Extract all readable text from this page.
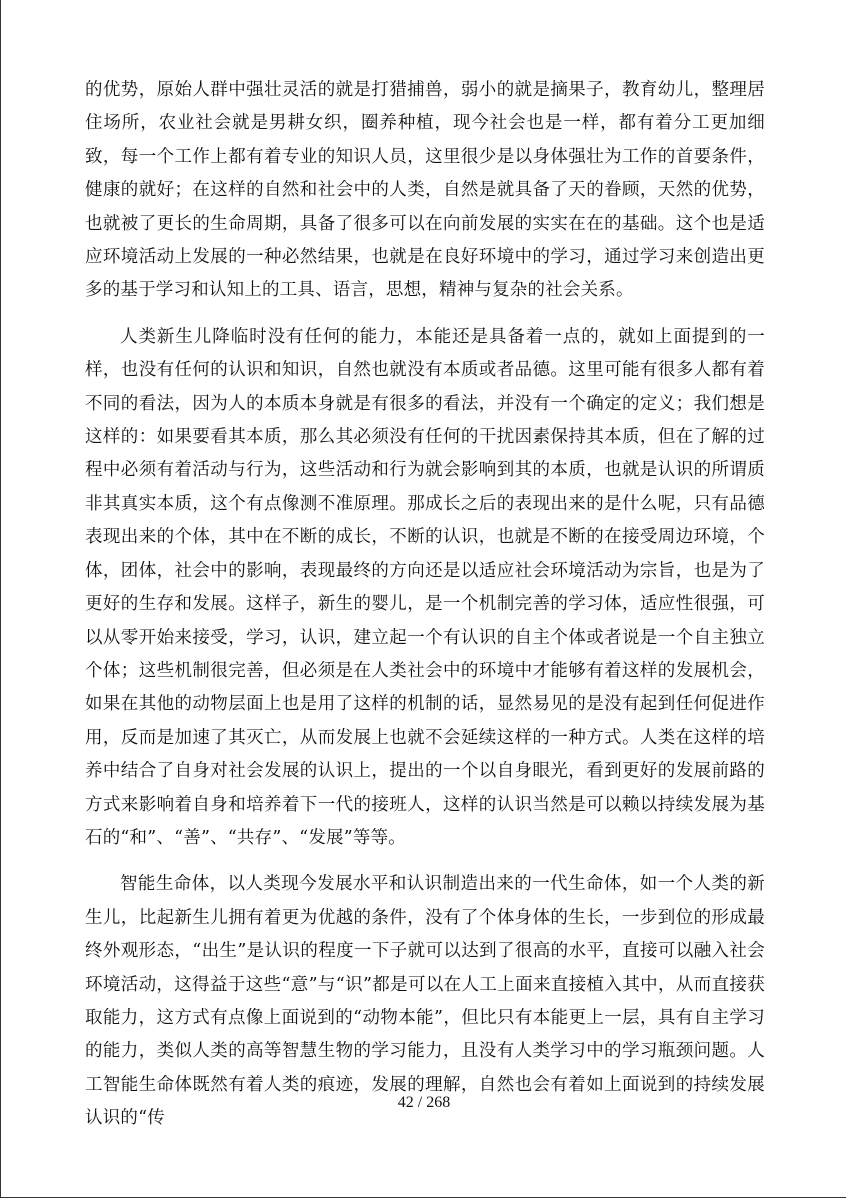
的优势，原始人群中强壮灵活的就是打猎捕兽，弱小的就是摘果子，教育幼儿，整理居住场所，农业社会就是男耕女织，圈养种植，现今社会也是一样，都有着分工更加细致，每一个工作上都有着专业的知识人员，这里很少是以身体强壮为工作的首要条件，健康的就好；在这样的自然和社会中的人类，自然是就具备了天的眷顾，天然的优势，也就被了更长的生命周期，具备了很多可以在向前发展的实实在在的基础。这个也是适应环境活动上发展的一种必然结果，也就是在良好环境中的学习，通过学习来创造出更多的基于学习和认知上的工具、语言，思想，精神与复杂的社会关系。

人类新生儿降临时没有任何的能力，本能还是具备着一点的，就如上面提到的一样，也没有任何的认识和知识，自然也就没有本质或者品德。这里可能有很多人都有着不同的看法，因为人的本质本身就是有很多的看法，并没有一个确定的定义；我们想是这样的：如果要看其本质，那么其必须没有任何的干扰因素保持其本质，但在了解的过程中必须有着活动与行为，这些活动和行为就会影响到其的本质，也就是认识的所谓质非其真实本质，这个有点像测不准原理。那成长之后的表现出来的是什么呢，只有品德表现出来的个体，其中在不断的成长，不断的认识，也就是不断的在接受周边环境，个体，团体，社会中的影响，表现最终的方向还是以适应社会环境活动为宗旨，也是为了更好的生存和发展。这样子，新生的婴儿，是一个机制完善的学习体，适应性很强，可以从零开始来接受，学习，认识，建立起一个有认识的自主个体或者说是一个自主独立个体；这些机制很完善，但必须是在人类社会中的环境中才能够有着这样的发展机会，如果在其他的动物层面上也是用了这样的机制的话，显然易见的是没有起到任何促进作用，反而是加速了其灭亡，从而发展上也就不会延续这样的一种方式。人类在这样的培养中结合了自身对社会发展的认识上，提出的一个以自身眼光，看到更好的发展前路的方式来影响着自身和培养着下一代的接班人，这样的认识当然是可以赖以持续发展为基石的“和”、“善”、“共存”、“发展”等等。

智能生命体，以人类现今发展水平和认识制造出来的一代生命体，如一个人类的新生儿，比起新生儿拥有着更为优越的条件，没有了个体身体的生长，一步到位的形成最终外观形态，“出生”是认识的程度一下子就可以达到了很高的水平，直接可以融入社会环境活动，这得益于这些“意”与“识”都是可以在人工上面来直接植入其中，从而直接获取能力，这方式有点像上面说到的“动物本能”，但比只有本能更上一层，具有自主学习的能力，类似人类的高等智慧生物的学习能力，且没有人类学习中的学习瓶颈问题。人工智能生命体既然有着人类的痕迹，发展的理解，自然也会有着如上面说到的持续发展认识的“传

42 / 268
